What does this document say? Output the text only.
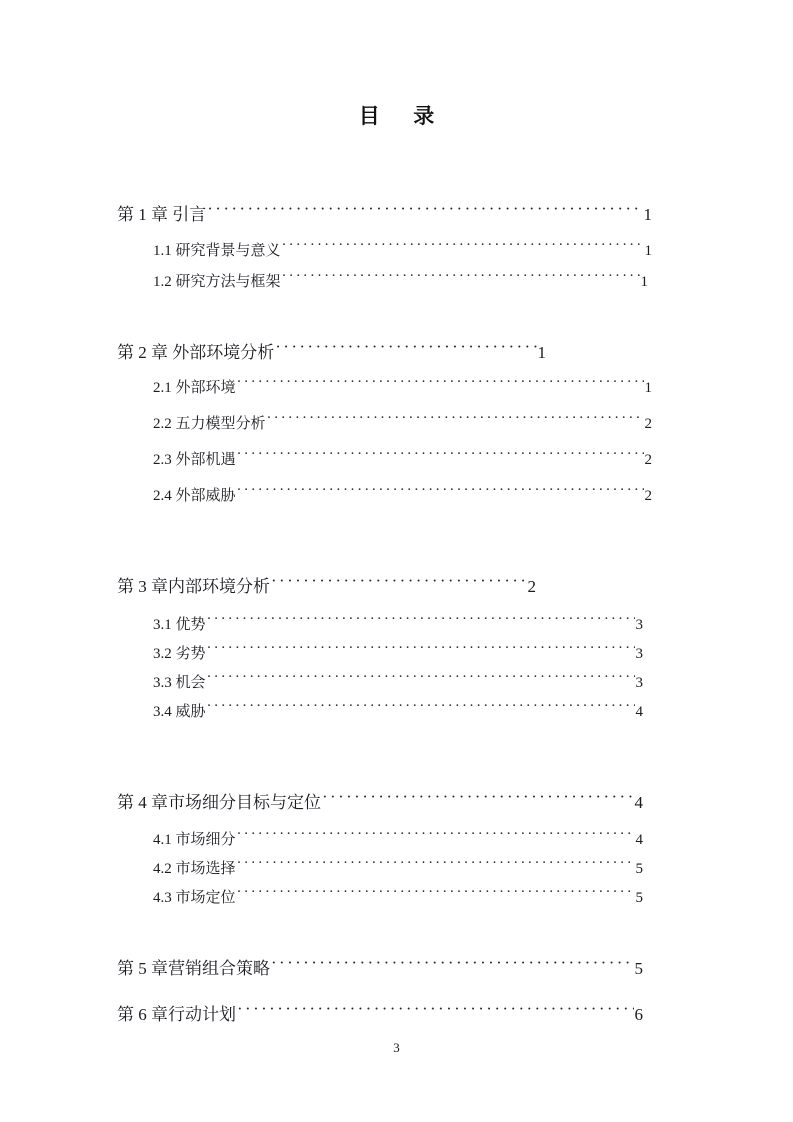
目　录
第 1 章 引言 ·····	1
1.1 研究背景与意义 ·····	1
1.2 研究方法与框架 ·····	1
第 2 章 外部环境分析 ·····	1
2.1 外部环境 ·····	1
2.2 五力模型分析 ·····	2
2.3 外部机遇 ·····	2
2.4 外部威胁 ·····	2
第 3 章内部环境分析 ·····	2
3.1 优势 ·····	3
3.2 劣势 ·····	3
3.3 机会 ·····	3
3.4 威胁 ·····	4
第 4 章市场细分目标与定位 ·····	4
4.1 市场细分 ·····	4
4.2 市场选择 ·····	5
4.3 市场定位 ·····	5
第 5 章营销组合策略 ·····	5
第 6 章行动计划 ·····	6
3
